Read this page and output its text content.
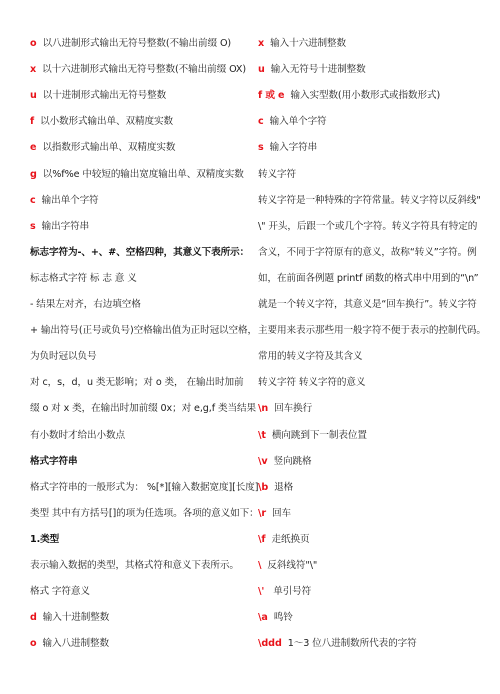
o 以八进制形式输出无符号整数(不输出前缀 O)
x 以十六进制形式输出无符号整数(不输出前缀 OX)
u 以十进制形式输出无符号整数
f 以小数形式输出单、双精度实数
e 以指数形式输出单、双精度实数
g 以%f%e 中较短的输出宽度输出单、双精度实数
c 输出单个字符
s 输出字符串
标志字符为-、+、#、空格四种，其意义下表所示：
标志格式字符 标 志 意 义
- 结果左对齐，右边填空格
+ 输出符号(正号或负号)空格输出值为正时冠以空格，
为负时冠以负号
对 c，s，d，u 类无影响；对 o 类， 在输出时加前
缀 o 对 x 类，在输出时加前缀 0x；对 e,g,f 类当结果
有小数时才给出小数点
格式字符串
格式字符串的一般形式为： %[*][输入数据宽度][长度]
类型 其中有方括号[]的项为任选项。各项的意义如下：
1.类型
表示输入数据的类型，其格式符和意义下表所示。
格式 字符意义
d 输入十进制整数
o 输入八进制整数
x 输入十六进制整数
u 输入无符号十进制整数
f 或 e 输入实型数(用小数形式或指数形式)
c 输入单个字符
s 输入字符串
转义字符
转义字符是一种特殊的字符常量。转义字符以反斜线"
\" 开头，后跟一个或几个字符。转义字符具有特定的
含义，不同于字符原有的意义，故称“转义”字符。例
如，在前面各例题 printf 函数的格式串中用到的“\n”
就是一个转义字符，其意义是“回车换行”。转义字符
主要用来表示那些用一般字符不便于表示的控制代码。
常用的转义字符及其含义
转义字符 转义字符的意义
\n 回车换行
\t 横向跳到下一制表位置
\v 竖向跳格
\b 退格
\r 回车
\f 走纸换页
\ 反斜线符"\"
\' 单引号符
\a 鸣铃
\ddd 1～3 位八进制数所代表的字符
